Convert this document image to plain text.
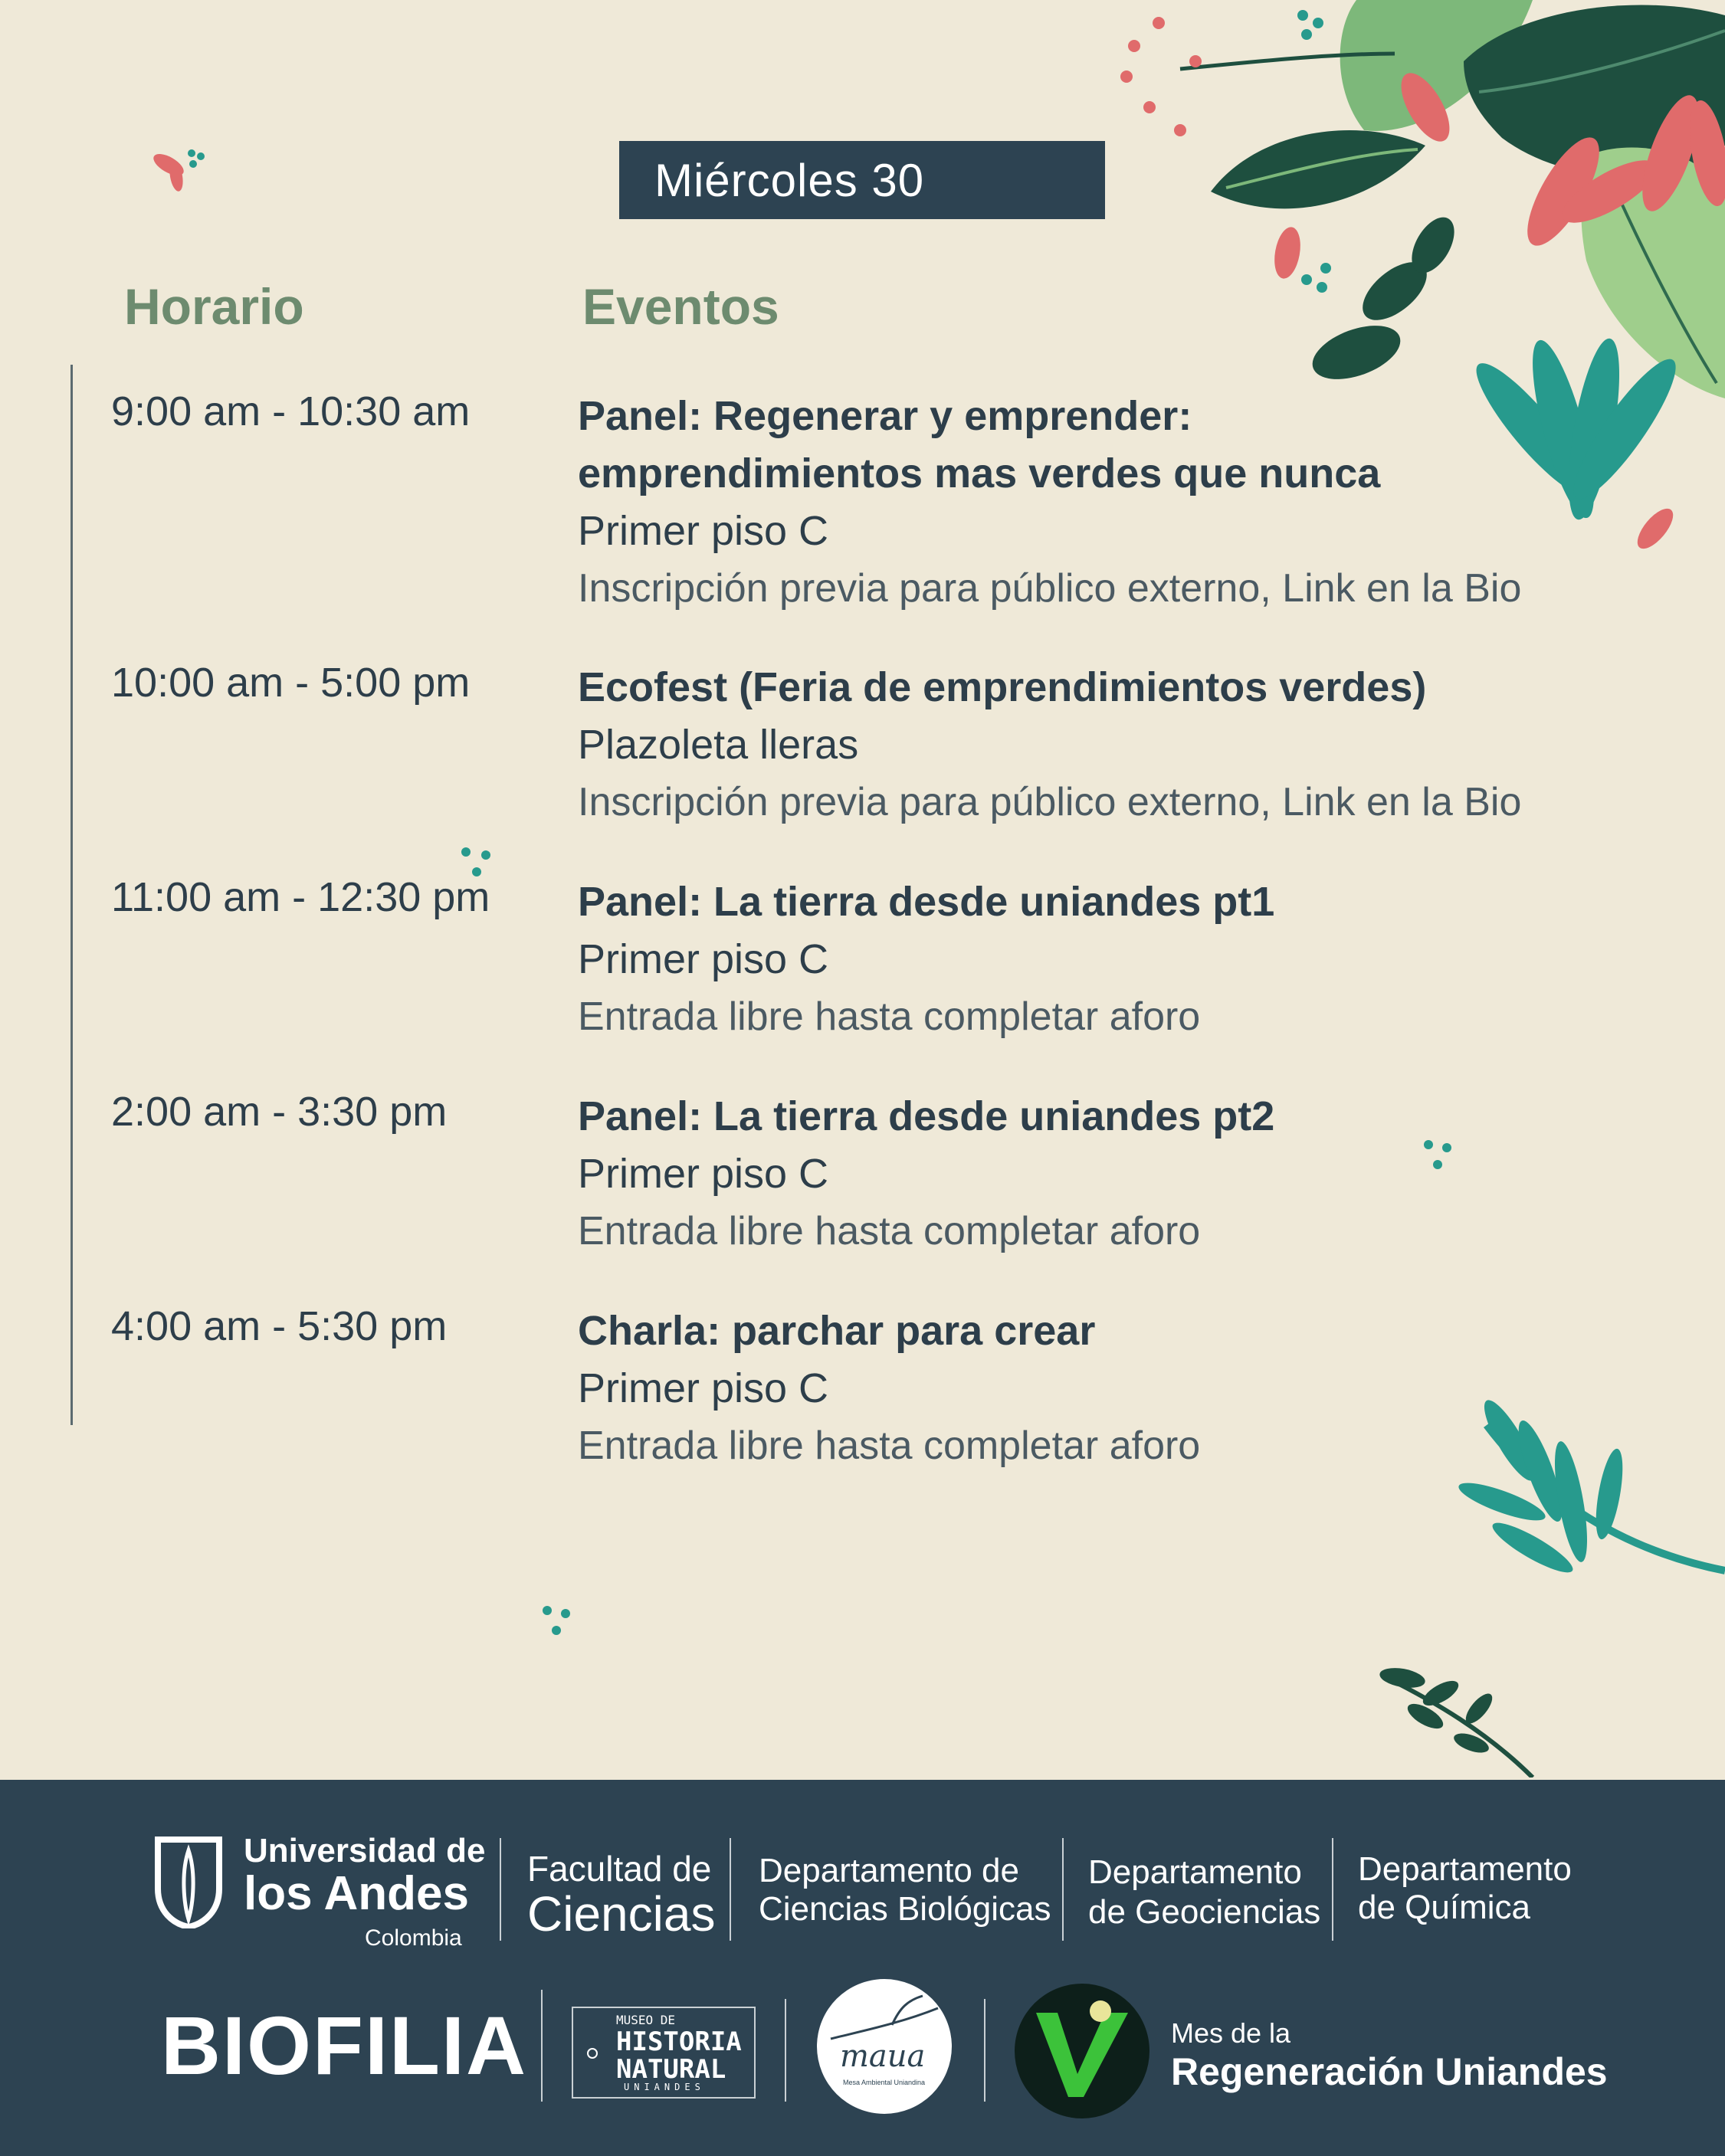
Miércoles 30
Horario	Eventos
9:00 am - 10:30 am	Panel: Regenerar y emprender:
emprendimientos mas verdes que nunca
Primer piso C
Inscripción previa para público externo, Link en la Bio
10:00 am - 5:00 pm	Ecofest (Feria de emprendimientos verdes)
Plazoleta lleras
Inscripción previa para público externo, Link en la Bio
11:00 am - 12:30 pm Panel: La tierra desde uniandes pt1
Primer piso C
Entrada libre hasta completar aforo
2:00 am - 3:30 pm	Panel: La tierra desde uniandes pt2
Primer piso C
Entrada libre hasta completar aforo
4:00 am - 5:30 pm	Charla: parchar para crear
Primer piso C
Entrada libre hasta completar aforo
Universidad de
los Andes
Colombia
Facultad de
Ciencias
Departamento de
Ciencias Biológicas
Departamento
de Geociencias
Departamento
de Química
BIOFILIA	MUSEO DE
HISTORIA
NATURAL
UNIANDES
maua
Mesa Ambiental Uniandina
Mes de la
Regeneración Uniandes
